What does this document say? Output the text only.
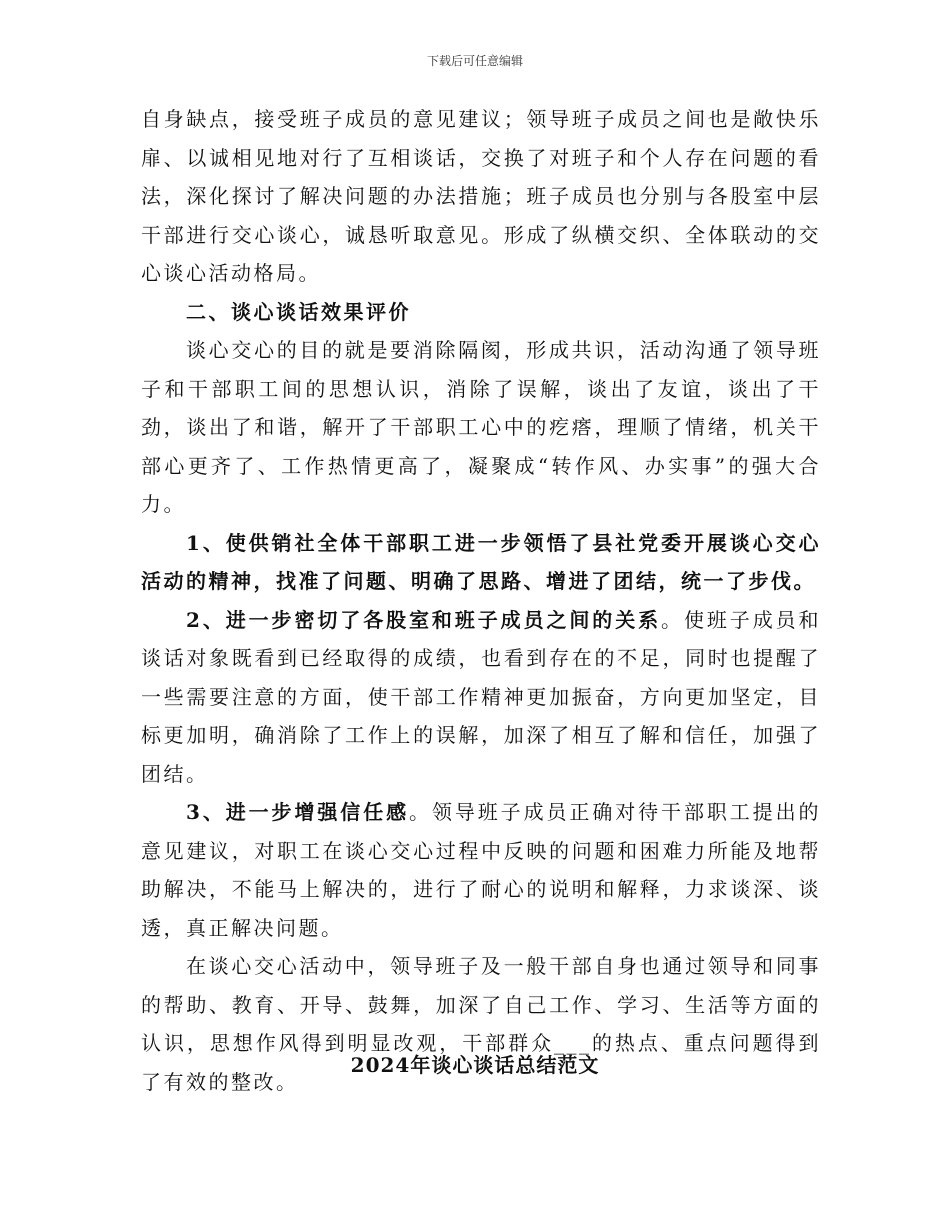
下载后可任意编辑

自身缺点，接受班子成员的意见建议；领导班子成员之间也是敞快乐扉、以诚相见地对行了互相谈话，交换了对班子和个人存在问题的看法，深化探讨了解决问题的办法措施；班子成员也分别与各股室中层干部进行交心谈心，诚恳听取意见。形成了纵横交织、全体联动的交心谈心活动格局。

二、谈心谈话效果评价

谈心交心的目的就是要消除隔阂，形成共识，活动沟通了领导班子和干部职工间的思想认识，消除了误解，谈出了友谊，谈出了干劲，谈出了和谐，解开了干部职工心中的疙瘩，理顺了情绪，机关干部心更齐了、工作热情更高了，凝聚成“转作风、办实事”的强大合力。

1、使供销社全体干部职工进一步领悟了县社党委开展谈心交心活动的精神，找准了问题、明确了思路、增进了团结，统一了步伐。

2、进一步密切了各股室和班子成员之间的关系。使班子成员和谈话对象既看到已经取得的成绩，也看到存在的不足，同时也提醒了一些需要注意的方面，使干部工作精神更加振奋，方向更加坚定，目标更加明，确消除了工作上的误解，加深了相互了解和信任，加强了团结。

3、进一步增强信任感。领导班子成员正确对待干部职工提出的意见建议，对职工在谈心交心过程中反映的问题和困难力所能及地帮助解决，不能马上解决的，进行了耐心的说明和解释，力求谈深、谈透，真正解决问题。

在谈心交心活动中，领导班子及一般干部自身也通过领导和同事的帮助、教育、开导、鼓舞，加深了自己工作、学习、生活等方面的认识，思想作风得到明显改观，干部群众___的热点、重点问题得到了有效的整改。

2024年谈心谈话总结范文
